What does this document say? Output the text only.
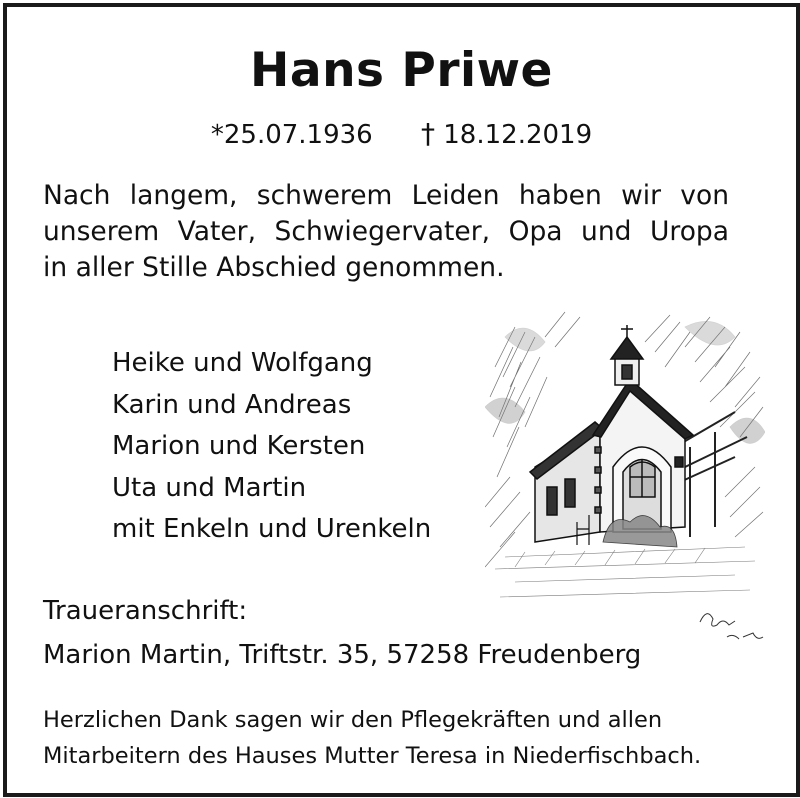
Hans Priwe
*25.07.1936 † 18.12.2019
Nach langem, schwerem Leiden haben wir von
unserem Vater, Schwiegervater, Opa und Uropa
in aller Stille Abschied genommen.
Heike und Wolfgang
Karin und Andreas
Marion und Kersten
Uta und Martin
mit Enkeln und Urenkeln
Traueranschrift:
Marion Martin, Triftstr. 35, 57258 Freudenberg
Herzlichen Dank sagen wir den Pflegekräften und allen
Mitarbeitern des Hauses Mutter Teresa in Niederfischbach.
